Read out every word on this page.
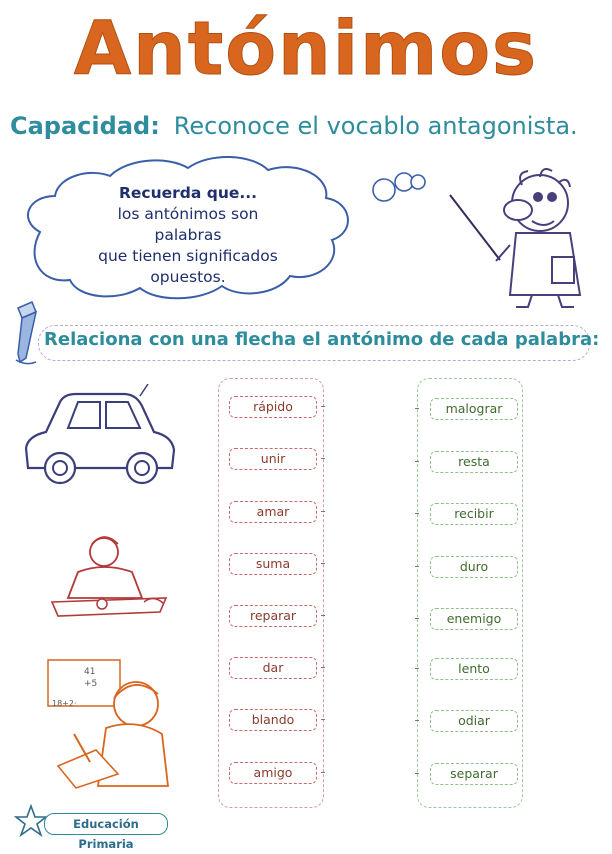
Antónimos
Capacidad: Reconoce el vocablo antagonista.
Recuerda que...
los antónimos son palabras
que tienen significados
opuestos.
Relaciona con una flecha el antónimo de cada palabra:
41
+5
18+2·
rápido
unir
amar
suma
reparar
dar
blando
amigo
malograr
resta
recibir
duro
enemigo
lento
odiar
separar
Educación Primaria
